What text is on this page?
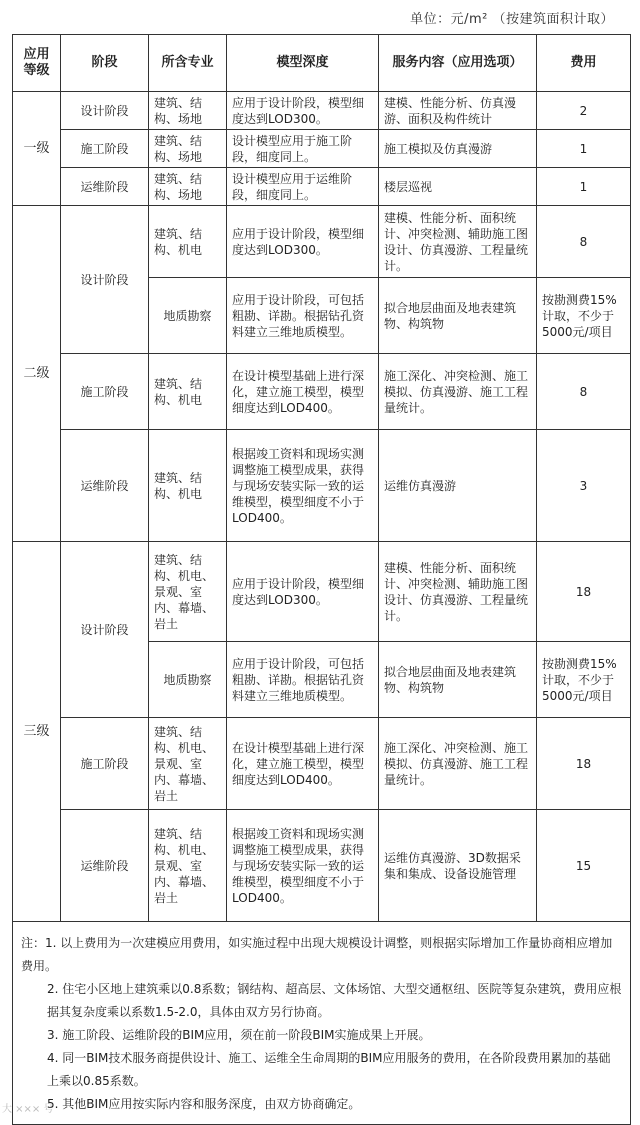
单位：元/m² （按建筑面积计取）
应用等级	阶段	所含专业	模型深度	服务内容（应用选项）	费用
一级	设计阶段	建筑、结构、场地	应用于设计阶段，模型细度达到LOD300。	建模、性能分析、仿真漫游、面积及构件统计	2
	施工阶段	建筑、结构、场地	设计模型应用于施工阶段，细度同上。	施工模拟及仿真漫游	1
	运维阶段	建筑、结构、场地	设计模型应用于运维阶段，细度同上。	楼层巡视	1
二级	设计阶段	建筑、结构、机电	应用于设计阶段，模型细度达到LOD300。	建模、性能分析、面积统计、冲突检测、辅助施工图设计、仿真漫游、工程量统计。	8
		地质勘察	应用于设计阶段，可包括粗勘、详勘。根据钻孔资料建立三维地质模型。	拟合地层曲面及地表建筑物、构筑物	按勘测费15%计取，不少于5000元/项目
	施工阶段	建筑、结构、机电	在设计模型基础上进行深化，建立施工模型，模型细度达到LOD400。	施工深化、冲突检测、施工模拟、仿真漫游、施工工程量统计。	8
	运维阶段	建筑、结构、机电	根据竣工资料和现场实测调整施工模型成果，获得与现场安装实际一致的运维模型，模型细度不小于LOD400。	运维仿真漫游	3
三级	设计阶段	建筑、结构、机电、景观、室内、幕墙、岩土	应用于设计阶段，模型细度达到LOD300。	建模、性能分析、面积统计、冲突检测、辅助施工图设计、仿真漫游、工程量统计。	18
		地质勘察	应用于设计阶段，可包括粗勘、详勘。根据钻孔资料建立三维地质模型。	拟合地层曲面及地表建筑物、构筑物	按勘测费15%计取，不少于5000元/项目
	施工阶段	建筑、结构、机电、景观、室内、幕墙、岩土	在设计模型基础上进行深化，建立施工模型，模型细度达到LOD400。	施工深化、冲突检测、施工模拟、仿真漫游、施工工程量统计。	18
	运维阶段	建筑、结构、机电、景观、室内、幕墙、岩土	根据竣工资料和现场实测调整施工模型成果，获得与现场安装实际一致的运维模型，模型细度不小于LOD400。	运维仿真漫游、3D数据采集和集成、设备设施管理	15

注：1. 以上费用为一次建模应用费用，如实施过程中出现大规模设计调整，则根据实际增加工作量协商相应增加费用。
2. 住宅小区地上建筑乘以0.8系数；钢结构、超高层、文体场馆、大型交通枢纽、医院等复杂建筑，费用应根据其复杂度乘以系数1.5-2.0，具体由双方另行协商。
3. 施工阶段、运维阶段的BIM应用，须在前一阶段BIM实施成果上开展。
4. 同一BIM技术服务商提供设计、施工、运维全生命周期的BIM应用服务的费用，在各阶段费用累加的基础上乘以0.85系数。
5. 其他BIM应用按实际内容和服务深度，由双方协商确定。					
大 ××× 号
